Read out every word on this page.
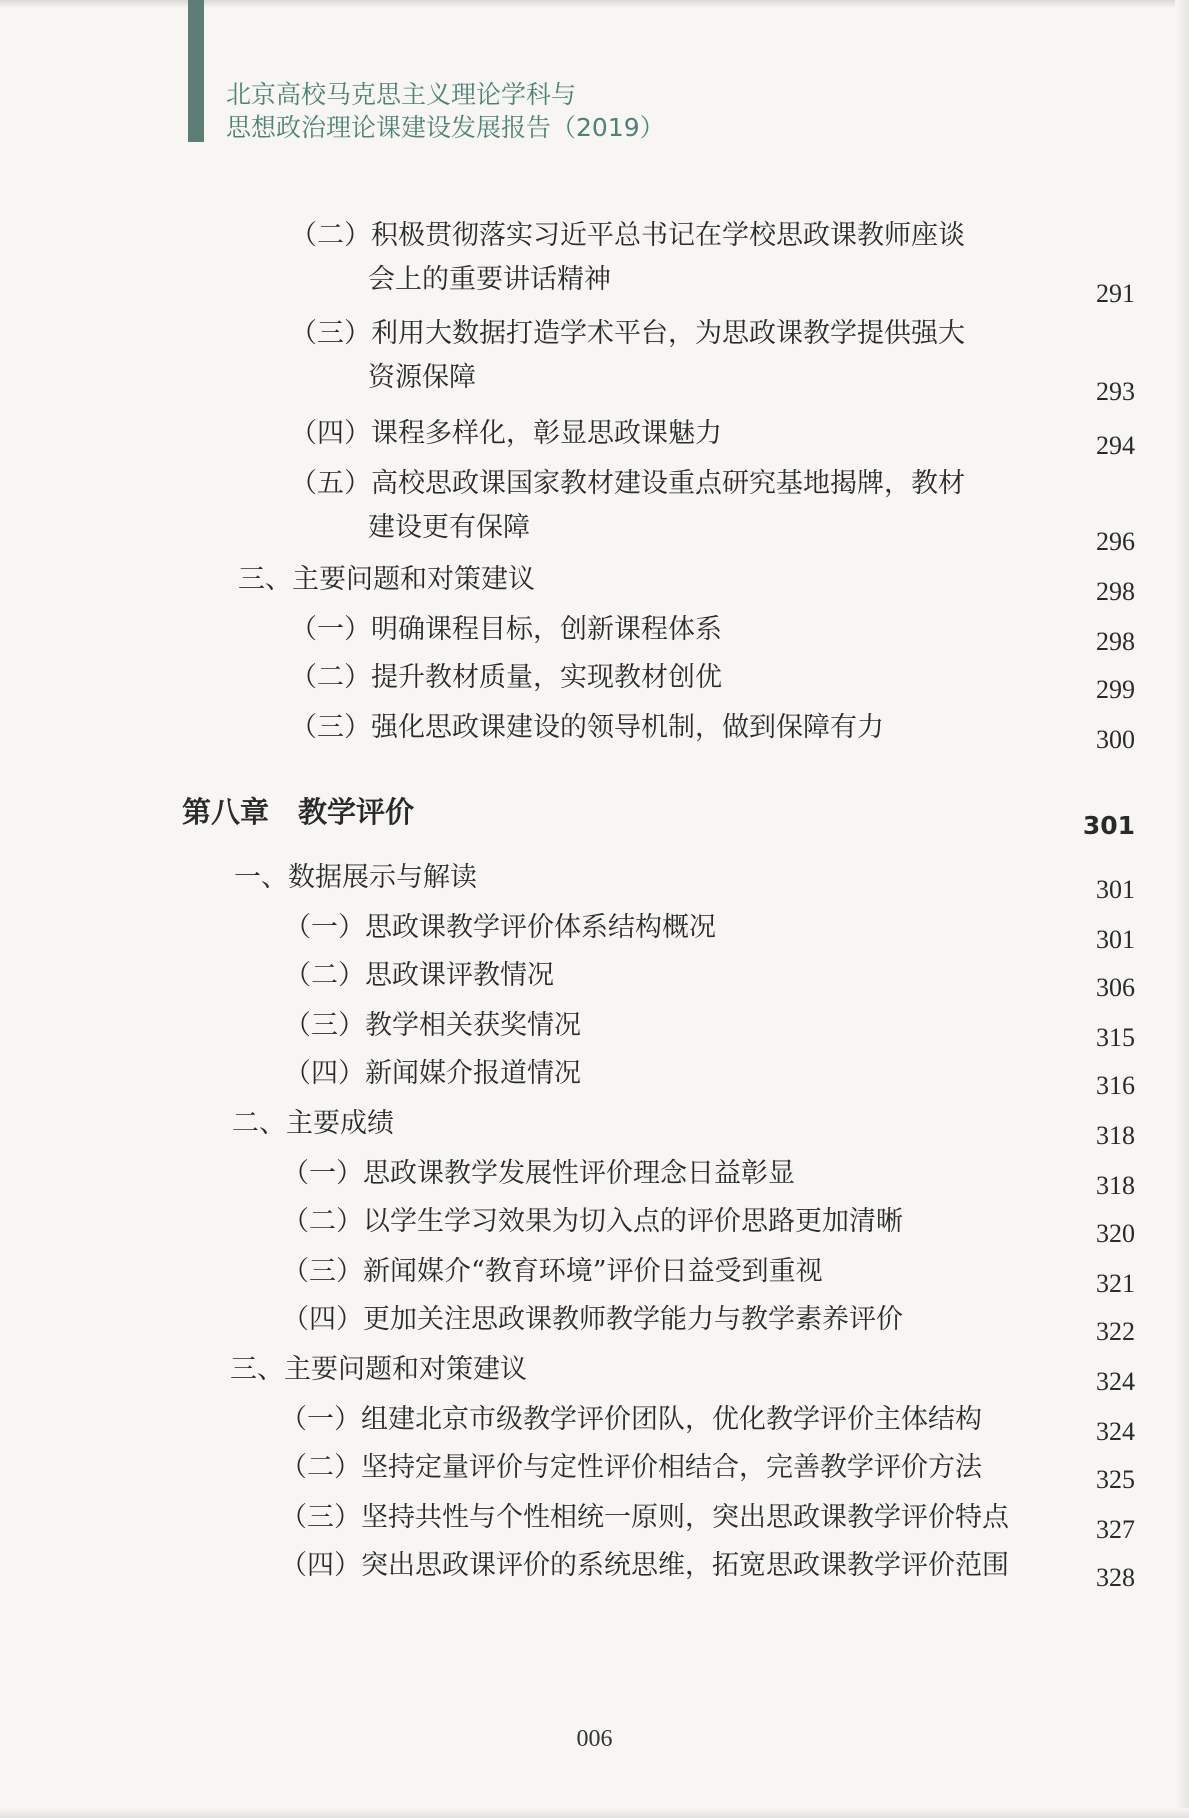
北京高校马克思主义理论学科与
思想政治理论课建设发展报告（2019）
（二）积极贯彻落实习近平总书记在学校思政课教师座谈
会上的重要讲话精神	291
（三）利用大数据打造学术平台，为思政课教学提供强大
资源保障	293
（四）课程多样化，彰显思政课魅力	294
（五）高校思政课国家教材建设重点研究基地揭牌，教材
建设更有保障	296
三、主要问题和对策建议	298
（一）明确课程目标，创新课程体系	298
（二）提升教材质量，实现教材创优	299
（三）强化思政课建设的领导机制，做到保障有力	300
第八章　教学评价	301
一、数据展示与解读	301
（一）思政课教学评价体系结构概况	301
（二）思政课评教情况	306
（三）教学相关获奖情况	315
（四）新闻媒介报道情况	316
二、主要成绩	318
（一）思政课教学发展性评价理念日益彰显	318
（二）以学生学习效果为切入点的评价思路更加清晰	320
（三）新闻媒介“教育环境”评价日益受到重视	321
（四）更加关注思政课教师教学能力与教学素养评价	322
三、主要问题和对策建议	324
（一）组建北京市级教学评价团队，优化教学评价主体结构	324
（二）坚持定量评价与定性评价相结合，完善教学评价方法	325
（三）坚持共性与个性相统一原则，突出思政课教学评价特点	327
（四）突出思政课评价的系统思维，拓宽思政课教学评价范围	328
006
